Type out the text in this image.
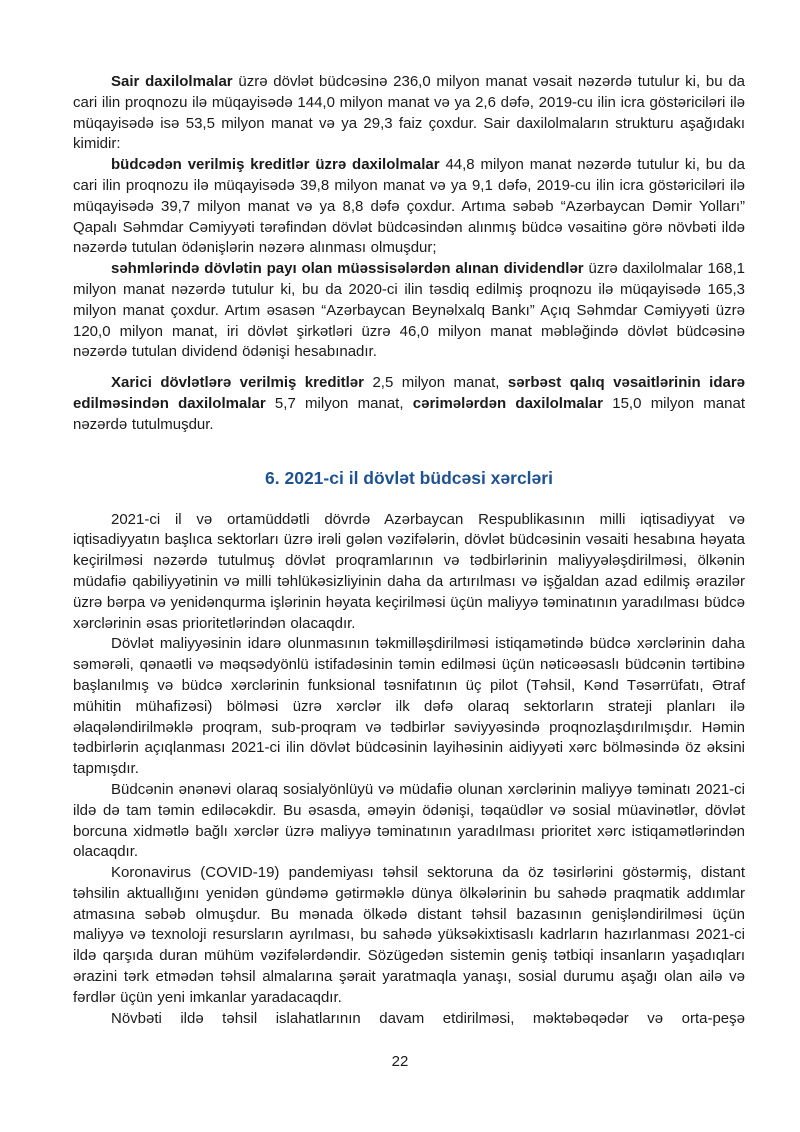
Sair daxilolmalar üzrə dövlət büdcəsinə 236,0 milyon manat vəsait nəzərdə tutulur ki, bu da cari ilin proqnozu ilə müqayisədə 144,0 milyon manat və ya 2,6 dəfə, 2019-cu ilin icra göstəriciləri ilə müqayisədə isə 53,5 milyon manat və ya 29,3 faiz çoxdur. Sair daxilolmaların strukturu aşağıdakı kimidir:

büdcədən verilmiş kreditlər üzrə daxilolmalar 44,8 milyon manat nəzərdə tutulur ki, bu da cari ilin proqnozu ilə müqayisədə 39,8 milyon manat və ya 9,1 dəfə, 2019-cu ilin icra göstəriciləri ilə müqayisədə 39,7 milyon manat və ya 8,8 dəfə çoxdur. Artıma səbəb “Azərbaycan Dəmir Yolları” Qapalı Səhmdar Cəmiyyəti tərəfindən dövlət büdcəsindən alınmış büdcə vəsaitinə görə növbəti ildə nəzərdə tutulan ödənişlərin nəzərə alınması olmuşdur;

səhmlərində dövlətin payı olan müəssisələrdən alınan dividendlər üzrə daxilolmalar 168,1 milyon manat nəzərdə tutulur ki, bu da 2020-ci ilin təsdiq edilmiş proqnozu ilə müqayisədə 165,3 milyon manat çoxdur. Artım əsasən “Azərbaycan Beynəlxalq Bankı” Açıq Səhmdar Cəmiyyəti üzrə 120,0 milyon manat, iri dövlət şirkətləri üzrə 46,0 milyon manat məbləğində dövlət büdcəsinə nəzərdə tutulan dividend ödənişi hesabınadır.

Xarici dövlətlərə verilmiş kreditlər 2,5 milyon manat, sərbəst qalıq vəsaitlərinin idarə edilməsindən daxilolmalar 5,7 milyon manat, cərimələrdən daxilolmalar 15,0 milyon manat nəzərdə tutulmuşdur.

6. 2021-ci il dövlət büdcəsi xərcləri

2021-ci il və ortamüddətli dövrdə Azərbaycan Respublikasının milli iqtisadiyyat və iqtisadiyyatın başlıca sektorları üzrə irəli gələn vəzifələrin, dövlət büdcəsinin vəsaiti hesabına həyata keçirilməsi nəzərdə tutulmuş dövlət proqramlarının və tədbirlərinin maliyyələşdirilməsi, ölkənin müdafiə qabiliyyətinin və milli təhlükəsizliyinin daha da artırılması və işğaldan azad edilmiş ərazilər üzrə bərpa və yenidənqurma işlərinin həyata keçirilməsi üçün maliyyə təminatının yaradılması büdcə xərclərinin əsas prioritetlərindən olacaqdır.

Dövlət maliyyəsinin idarə olunmasının təkmilləşdirilməsi istiqamətində büdcə xərclərinin daha səmərəli, qənaətli və məqsədyönlü istifadəsinin təmin edilməsi üçün nəticəəsaslı büdcənin tərtibinə başlanılmış və büdcə xərclərinin funksional təsnifatının üç pilot (Təhsil, Kənd Təsərrüfatı, Ətraf mühitin mühafizəsi) bölməsi üzrə xərclər ilk dəfə olaraq sektorların strateji planları ilə əlaqələndirilməklə proqram, sub-proqram və tədbirlər səviyyəsində proqnozlaşdırılmışdır. Həmin tədbirlərin açıqlanması 2021-ci ilin dövlət büdcəsinin layihəsinin aidiyyəti xərc bölməsində öz əksini tapmışdır.

Büdcənin ənənəvi olaraq sosialyönlüyü və müdafiə olunan xərclərinin maliyyə təminatı 2021-ci ildə də tam təmin ediləcəkdir. Bu əsasda, əməyin ödənişi, təqaüdlər və sosial müavinətlər, dövlət borcuna xidmətlə bağlı xərclər üzrə maliyyə təminatının yaradılması prioritet xərc istiqamətlərindən olacaqdır.

Koronavirus (COVID-19) pandemiyası təhsil sektoruna da öz təsirlərini göstərmiş, distant təhsilin aktuallığını yenidən gündəmə gətirməklə dünya ölkələrinin bu sahədə praqmatik addımlar atmasına səbəb olmuşdur. Bu mənada ölkədə distant təhsil bazasının genişləndirilməsi üçün maliyyə və texnoloji resursların ayrılması, bu sahədə yüksəkixtisaslı kadrların hazırlanması 2021-ci ildə qarşıda duran mühüm vəzifələrdəndir. Sözügedən sistemin geniş tətbiqi insanların yaşadıqları ərazini tərk etmədən təhsil almalarına şərait yaratmaqla yanaşı, sosial durumu aşağı olan ailə və fərdlər üçün yeni imkanlar yaradacaqdır.

Növbəti ildə təhsil islahatlarının davam etdirilməsi, məktəbəqədər və orta-peşə

22
